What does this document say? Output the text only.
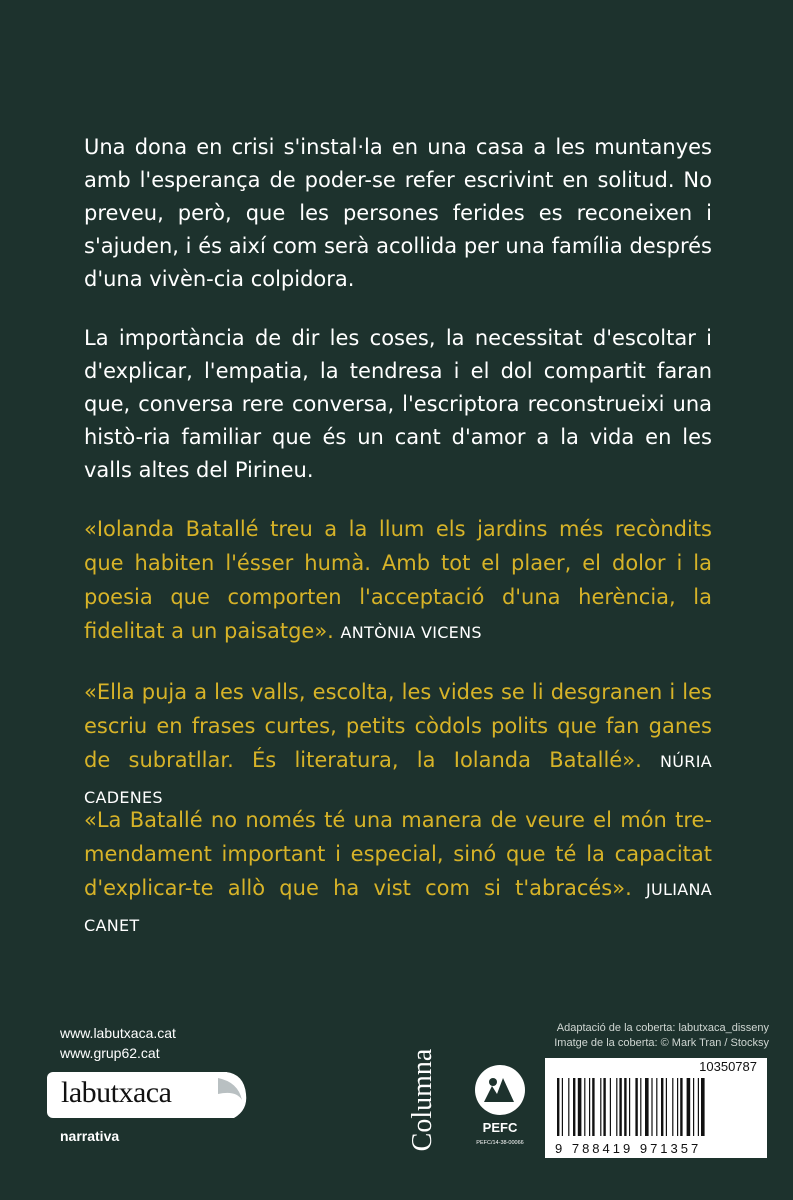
Una dona en crisi s'instal·la en una casa a les muntanyes amb l'esperança de poder-se refer escrivint en solitud. No preveu, però, que les persones ferides es reconeixen i s'ajuden, i és així com serà acollida per una família després d'una vivèn-cia colpidora.

La importància de dir les coses, la necessitat d'escoltar i d'explicar, l'empatia, la tendresa i el dol compartit faran que, conversa rere conversa, l'escriptora reconstrueixi una histò-ria familiar que és un cant d'amor a la vida en les valls altes del Pirineu.

«Iolanda Batallé treu a la llum els jardins més recòndits que habiten l'ésser humà. Amb tot el plaer, el dolor i la poesia que comporten l'acceptació d'una herència, la fidelitat a un paisatge». ANTÒNIA VICENS

«Ella puja a les valls, escolta, les vides se li desgranen i les escriu en frases curtes, petits còdols polits que fan ganes de subratllar. És literatura, la Iolanda Batallé». NÚRIA CADENES

«La Batallé no només té una manera de veure el món tre-mendament important i especial, sinó que té la capacitat d'explicar-te allò que ha vist com si t'abracés». JULIANA CANET

www.labutxaca.cat
www.grup62.cat
labutxaca
narrativa	Columna	PEFC
PEFC/14-38-00066
Adaptació de la coberta: labutxaca_disseny
Imatge de la coberta: © Mark Tran / Stocksy
10350787
9 788419 971357
